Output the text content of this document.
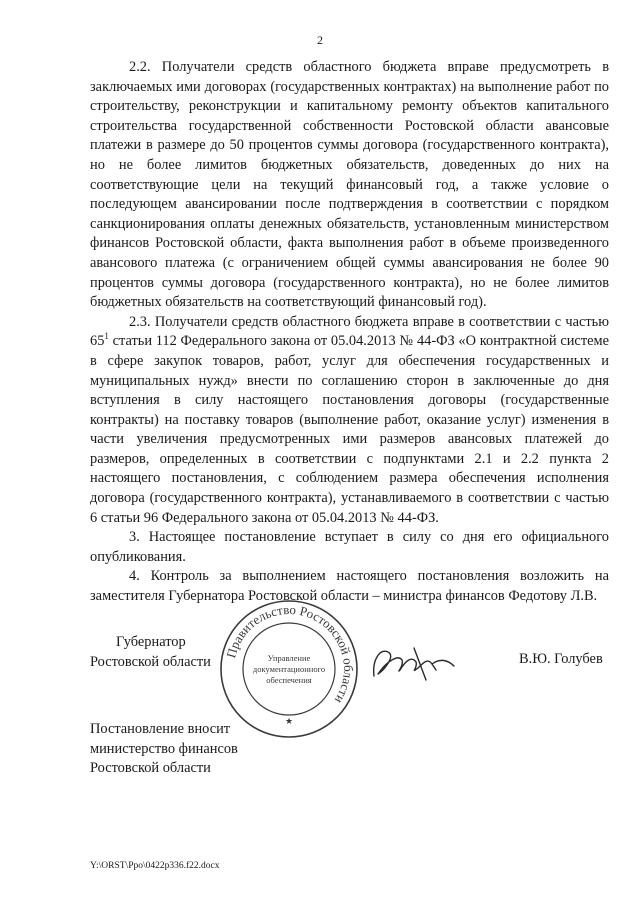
2

2.2. Получатели средств областного бюджета вправе предусмотреть в заключаемых ими договорах (государственных контрактах) на выполнение работ по строительству, реконструкции и капитальному ремонту объектов капитального строительства государственной собственности Ростовской области авансовые платежи в размере до 50 процентов суммы договора (государственного контракта), но не более лимитов бюджетных обязательств, доведенных до них на соответствующие цели на текущий финансовый год, а также условие о последующем авансировании после подтверждения в соответствии с порядком санкционирования оплаты денежных обязательств, установленным министерством финансов Ростовской области, факта выполнения работ в объеме произведенного авансового платежа (с ограничением общей суммы авансирования не более 90 процентов суммы договора (государственного контракта), но не более лимитов бюджетных обязательств на соответствующий финансовый год).

2.3. Получатели средств областного бюджета вправе в соответствии с частью $65^1$ статьи 112 Федерального закона от 05.04.2013 № 44-ФЗ «О контрактной системе в сфере закупок товаров, работ, услуг для обеспечения государственных и муниципальных нужд» внести по соглашению сторон в заключенные до дня вступления в силу настоящего постановления договоры (государственные контракты) на поставку товаров (выполнение работ, оказание услуг) изменения в части увеличения предусмотренных ими размеров авансовых платежей до размеров, определенных в соответствии с подпунктами 2.1 и 2.2 пункта 2 настоящего постановления, с соблюдением размера обеспечения исполнения договора (государственного контракта), устанавливаемого в соответствии с частью 6 статьи 96 Федерального закона от 05.04.2013 № 44-ФЗ.

3. Настоящее постановление вступает в силу со дня его официального опубликования.

4. Контроль за выполнением настоящего постановления возложить на заместителя Губернатора Ростовской области – министра финансов Федотову Л.В.

Губернатор
Ростовской области
Правительство Ростовской области
Управление
документационного
обеспечения
★
В.Ю. Голубев
Постановление вносит
министерство финансов
Ростовской области
Y:\ORST\Ppo\0422p336.f22.docx
